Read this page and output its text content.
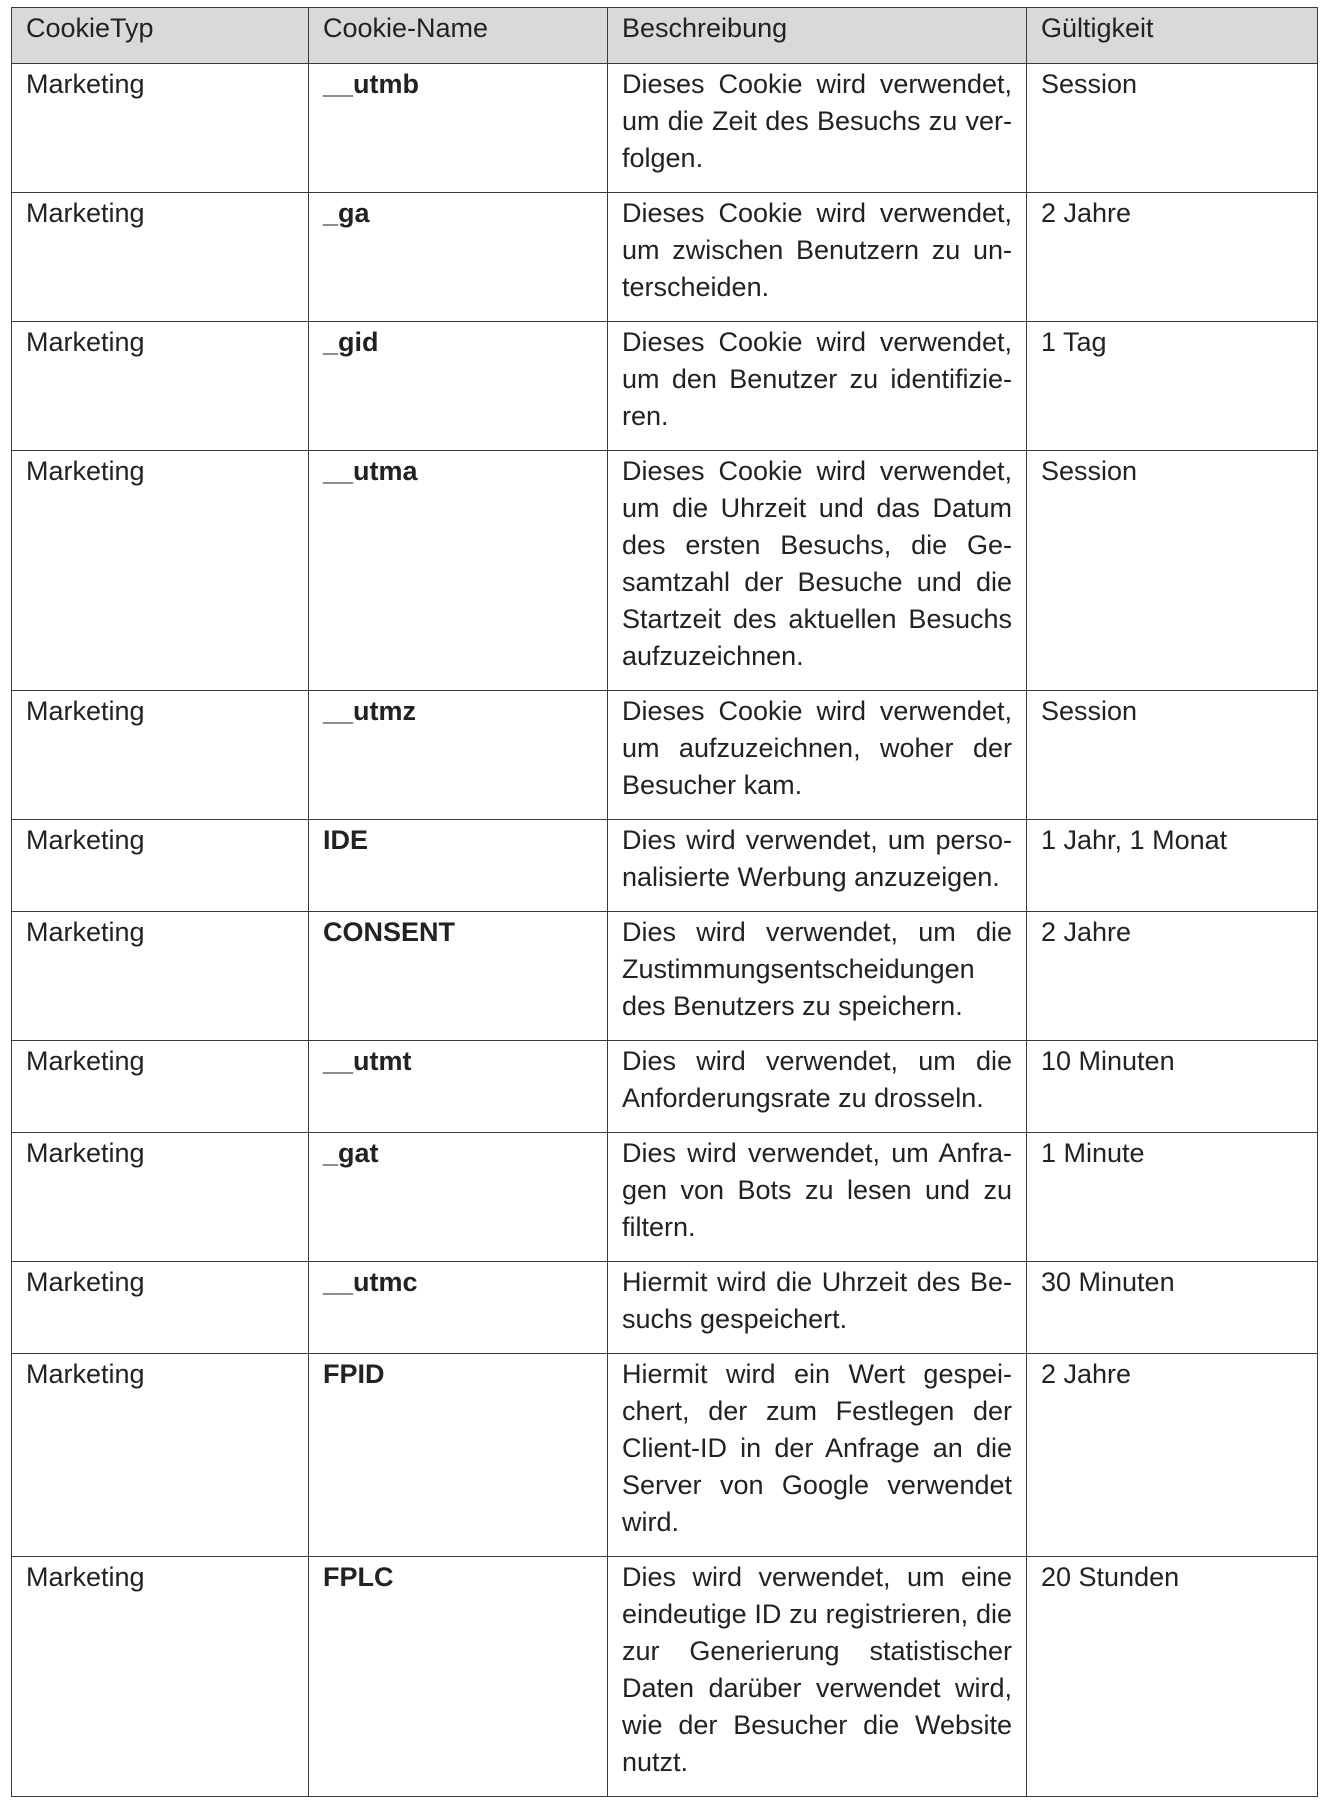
CookieTyp	Cookie-Name	Beschreibung	Gültigkeit
Marketing	__utmb	Dieses Cookie wird verwendet, um die Zeit des Besuchs zu verfolgen.	Session
Marketing	_ga	Dieses Cookie wird verwendet, um zwischen Benutzern zu unterscheiden.	2 Jahre
Marketing	_gid	Dieses Cookie wird verwendet, um den Benutzer zu identifizieren.	1 Tag
Marketing	__utma	Dieses Cookie wird verwendet, um die Uhrzeit und das Datum des ersten Besuchs, die Gesamtzahl der Besuche und die Startzeit des aktuellen Besuchs aufzuzeichnen.	Session
Marketing	__utmz	Dieses Cookie wird verwendet, um aufzuzeichnen, woher der Besucher kam.	Session
Marketing	IDE	Dies wird verwendet, um personalisierte Werbung anzuzeigen.	1 Jahr, 1 Monat
Marketing	CONSENT	Dies wird verwendet, um die Zustimmungsentscheidungen des Benutzers zu speichern.	2 Jahre
Marketing	__utmt	Dies wird verwendet, um die Anforderungsrate zu drosseln.	10 Minuten
Marketing	_gat	Dies wird verwendet, um Anfragen von Bots zu lesen und zu filtern.	1 Minute
Marketing	__utmc	Hiermit wird die Uhrzeit des Besuchs gespeichert.	30 Minuten
Marketing	FPID	Hiermit wird ein Wert gespeichert, der zum Festlegen der Client-ID in der Anfrage an die Server von Google verwendet wird.	2 Jahre
Marketing	FPLC	Dies wird verwendet, um eine eindeutige ID zu registrieren, die zur Generierung statistischer Daten darüber verwendet wird, wie der Besucher die Website nutzt.	20 Stunden
